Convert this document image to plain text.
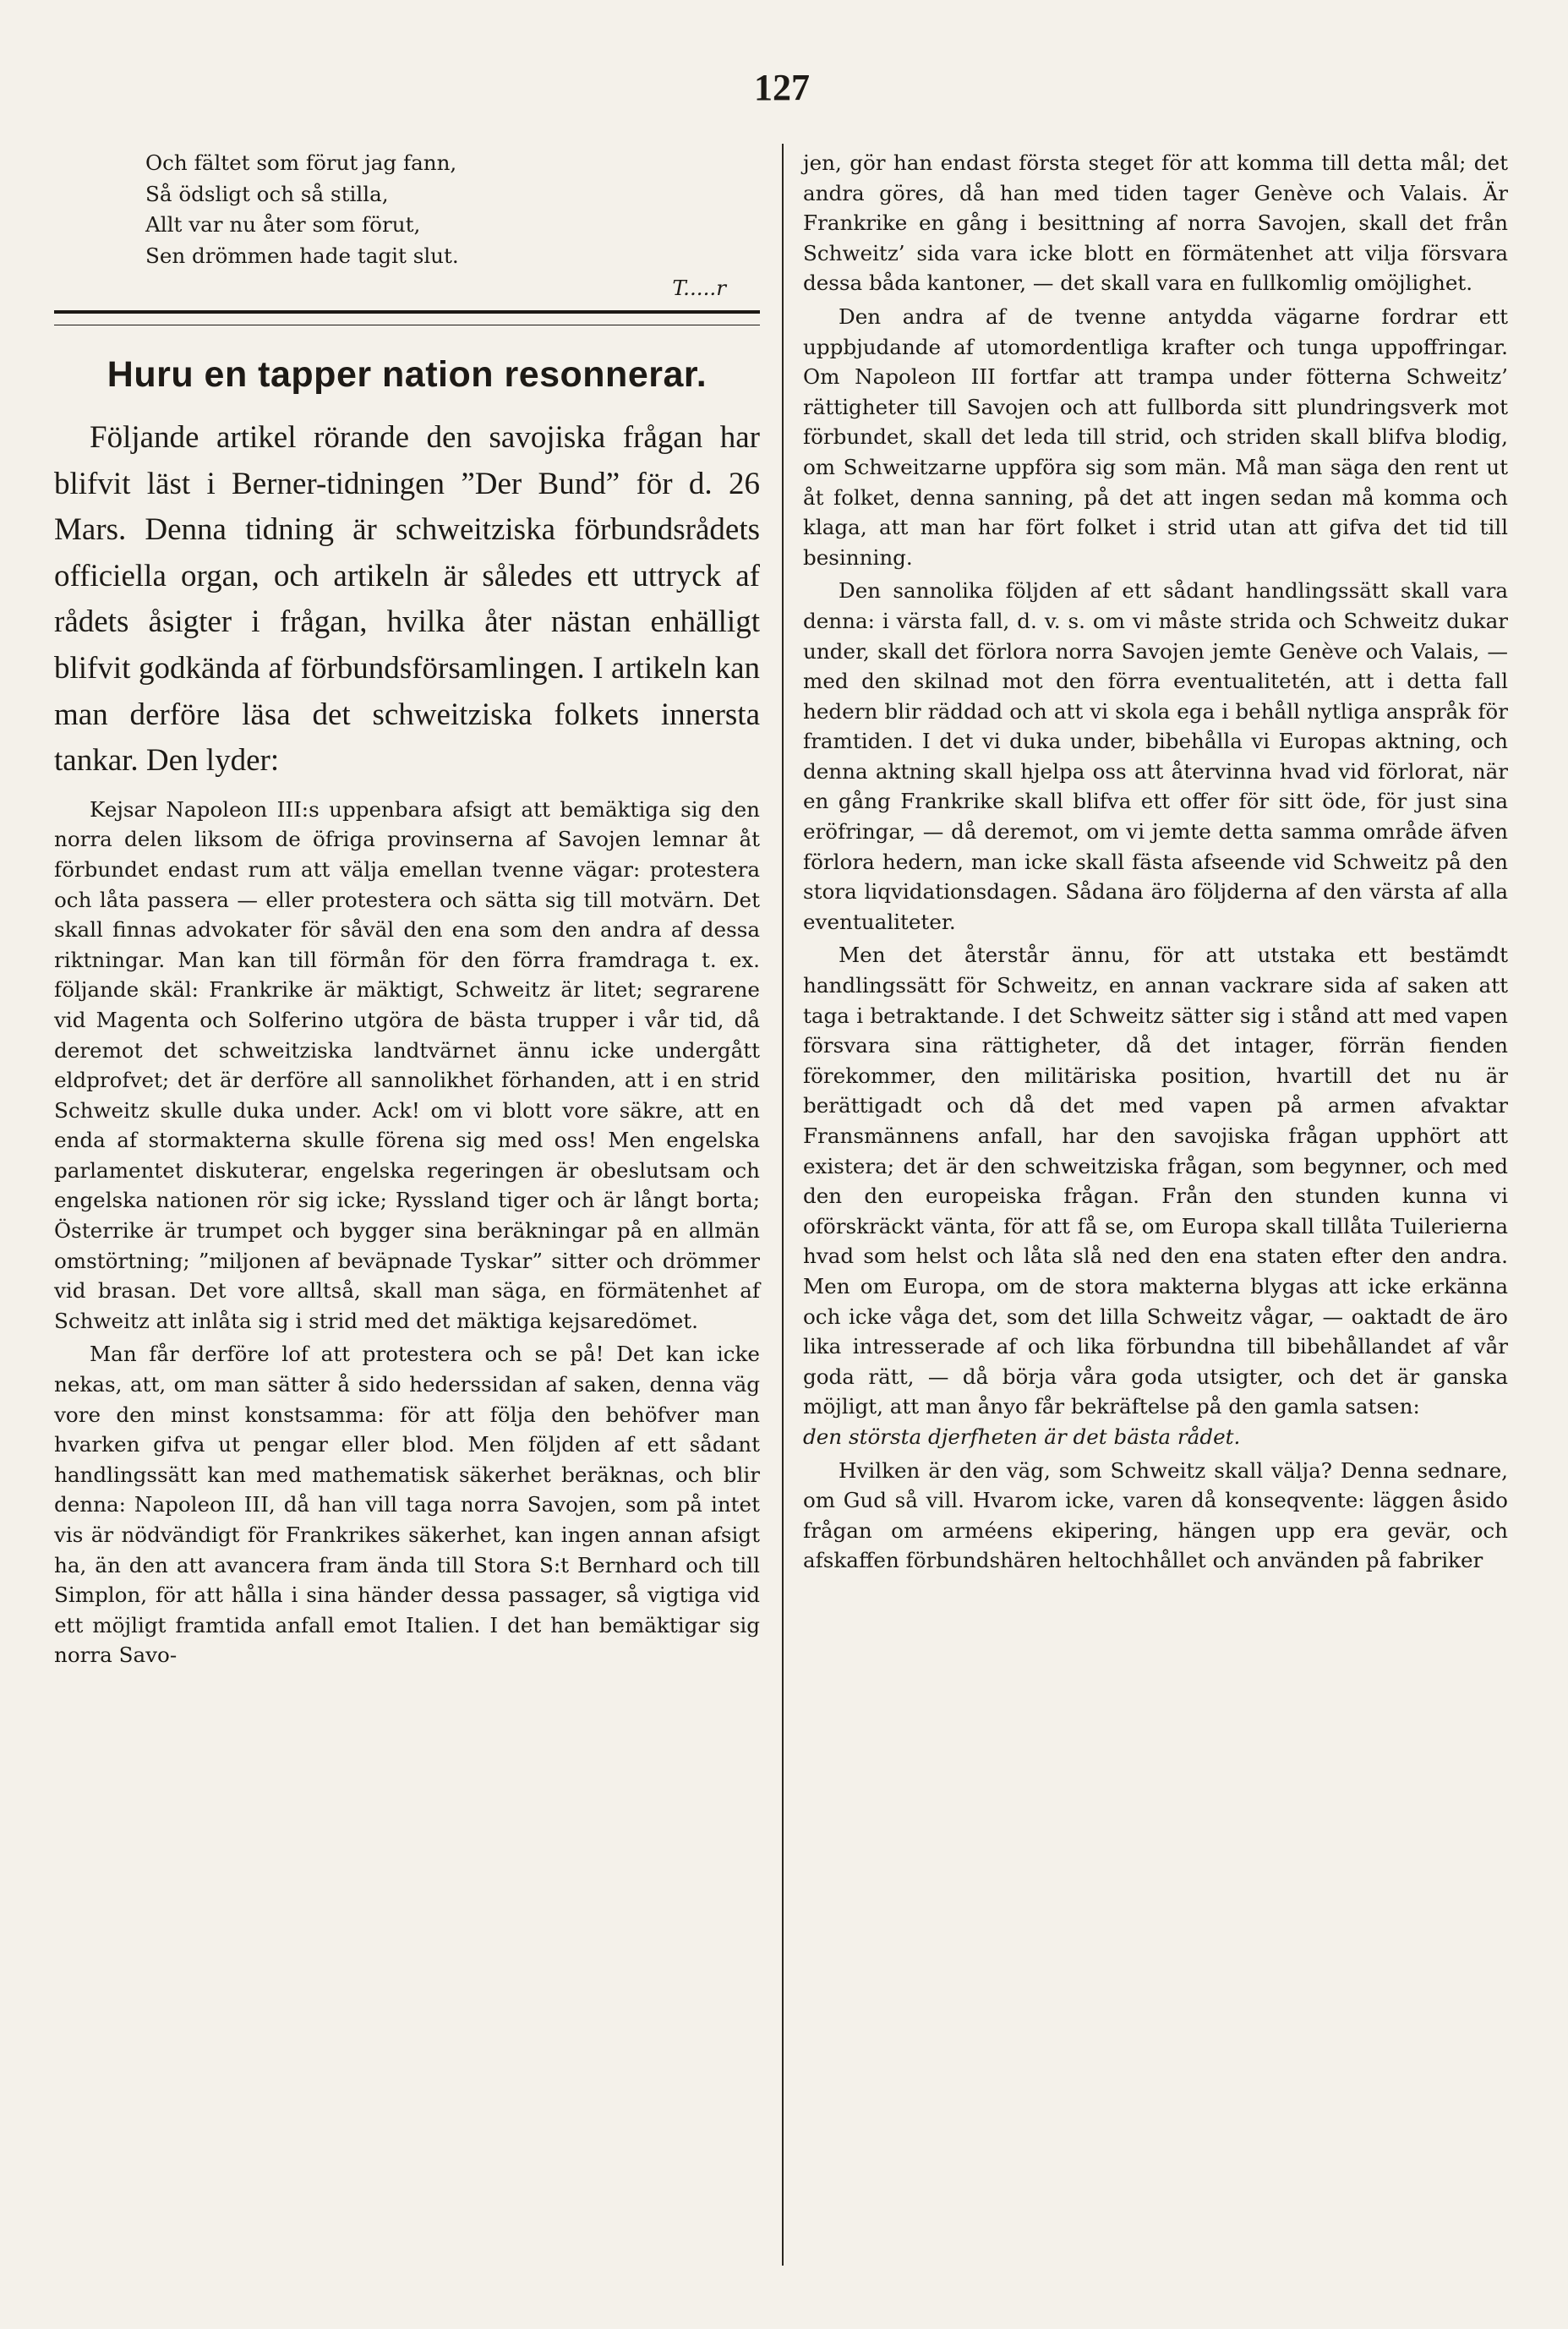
127
Och fältet som förut jag fann,
Så ödsligt och så stilla,
Allt var nu åter som förut,
Sen drömmen hade tagit slut.
T.....r
Huru en tapper nation resonnerar.

Följande artikel rörande den savojiska frågan har blifvit läst i Berner-tidningen ”Der Bund” för d. 26 Mars. Denna tidning är schweitziska förbundsrådets officiella organ, och artikeln är således ett uttryck af rådets åsigter i frågan, hvilka åter nästan enhälligt blifvit godkända af förbundsförsamlingen. I artikeln kan man derföre läsa det schweitziska folkets innersta tankar. Den lyder:

Kejsar Napoleon III:s uppenbara afsigt att bemäktiga sig den norra delen liksom de öfriga provinserna af Savojen lemnar åt förbundet endast rum att välja emellan tvenne vägar: protestera och låta passera — eller protestera och sätta sig till motvärn. Det skall finnas advokater för såväl den ena som den andra af dessa riktningar. Man kan till förmån för den förra framdraga t. ex. följande skäl: Frankrike är mäktigt, Schweitz är litet; segrarene vid Magenta och Solferino utgöra de bästa trupper i vår tid, då deremot det schweitziska landtvärnet ännu icke undergått eldprofvet; det är derföre all sannolikhet förhanden, att i en strid Schweitz skulle duka under. Ack! om vi blott vore säkre, att en enda af stormakterna skulle förena sig med oss! Men engelska parlamentet diskuterar, engelska regeringen är obeslutsam och engelska nationen rör sig icke; Ryssland tiger och är långt borta; Österrike är trumpet och bygger sina beräkningar på en allmän omstörtning; ”miljonen af beväpnade Tyskar” sitter och drömmer vid brasan. Det vore alltså, skall man säga, en förmätenhet af Schweitz att inlåta sig i strid med det mäktiga kejsaredömet.

Man får derföre lof att protestera och se på! Det kan icke nekas, att, om man sätter å sido hederssidan af saken, denna väg vore den minst konstsamma: för att följa den behöfver man hvarken gifva ut pengar eller blod. Men följden af ett sådant handlingssätt kan med mathematisk säkerhet beräknas, och blir denna: Napoleon III, då han vill taga norra Savojen, som på intet vis är nödvändigt för Frankrikes säkerhet, kan ingen annan afsigt ha, än den att avancera fram ända till Stora S:t Bernhard och till Simplon, för att hålla i sina händer dessa passager, så vigtiga vid ett möjligt framtida anfall emot Italien. I det han bemäktigar sig norra Savo-

jen, gör han endast första steget för att komma till detta mål; det andra göres, då han med tiden tager Genève och Valais. Är Frankrike en gång i besittning af norra Savojen, skall det från Schweitz’ sida vara icke blott en förmätenhet att vilja försvara dessa båda kantoner, — det skall vara en fullkomlig omöjlighet.

Den andra af de tvenne antydda vägarne fordrar ett uppbjudande af utomordentliga krafter och tunga uppoffringar. Om Napoleon III fortfar att trampa under fötterna Schweitz’ rättigheter till Savojen och att fullborda sitt plundringsverk mot förbundet, skall det leda till strid, och striden skall blifva blodig, om Schweitzarne uppföra sig som män. Må man säga den rent ut åt folket, denna sanning, på det att ingen sedan må komma och klaga, att man har fört folket i strid utan att gifva det tid till besinning.

Den sannolika följden af ett sådant handlingssätt skall vara denna: i värsta fall, d. v. s. om vi måste strida och Schweitz dukar under, skall det förlora norra Savojen jemte Genève och Valais, — med den skilnad mot den förra eventualitetén, att i detta fall hedern blir räddad och att vi skola ega i behåll nytliga anspråk för framtiden. I det vi duka under, bibehålla vi Europas aktning, och denna aktning skall hjelpa oss att återvinna hvad vid förlorat, när en gång Frankrike skall blifva ett offer för sitt öde, för just sina eröfringar, — då deremot, om vi jemte detta samma område äfven förlora hedern, man icke skall fästa afseende vid Schweitz på den stora liqvidationsdagen. Sådana äro följderna af den värsta af alla eventualiteter.

Men det återstår ännu, för att utstaka ett bestämdt handlingssätt för Schweitz, en annan vackrare sida af saken att taga i betraktande. I det Schweitz sätter sig i stånd att med vapen försvara sina rättigheter, då det intager, förrän fienden förekommer, den militäriska position, hvartill det nu är berättigadt och då det med vapen på armen afvaktar Fransmännens anfall, har den savojiska frågan upphört att existera; det är den schweitziska frågan, som begynner, och med den den europeiska frågan. Från den stunden kunna vi oförskräckt vänta, för att få se, om Europa skall tillåta Tuilerierna hvad som helst och låta slå ned den ena staten efter den andra. Men om Europa, om de stora makterna blygas att icke erkänna och icke våga det, som det lilla Schweitz vågar, — oaktadt de äro lika intresserade af och lika förbundna till bibehållandet af vår goda rätt, — då börja våra goda utsigter, och det är ganska möjligt, att man ånyo får bekräftelse på den gamla satsen:

den största djerfheten är det bästa rådet.

Hvilken är den väg, som Schweitz skall välja? Denna sednare, om Gud så vill. Hvarom icke, varen då konseqvente: läggen åsido frågan om arméens ekipering, hängen upp era gevär, och afskaffen förbundshären heltochhållet och använden på fabriker
